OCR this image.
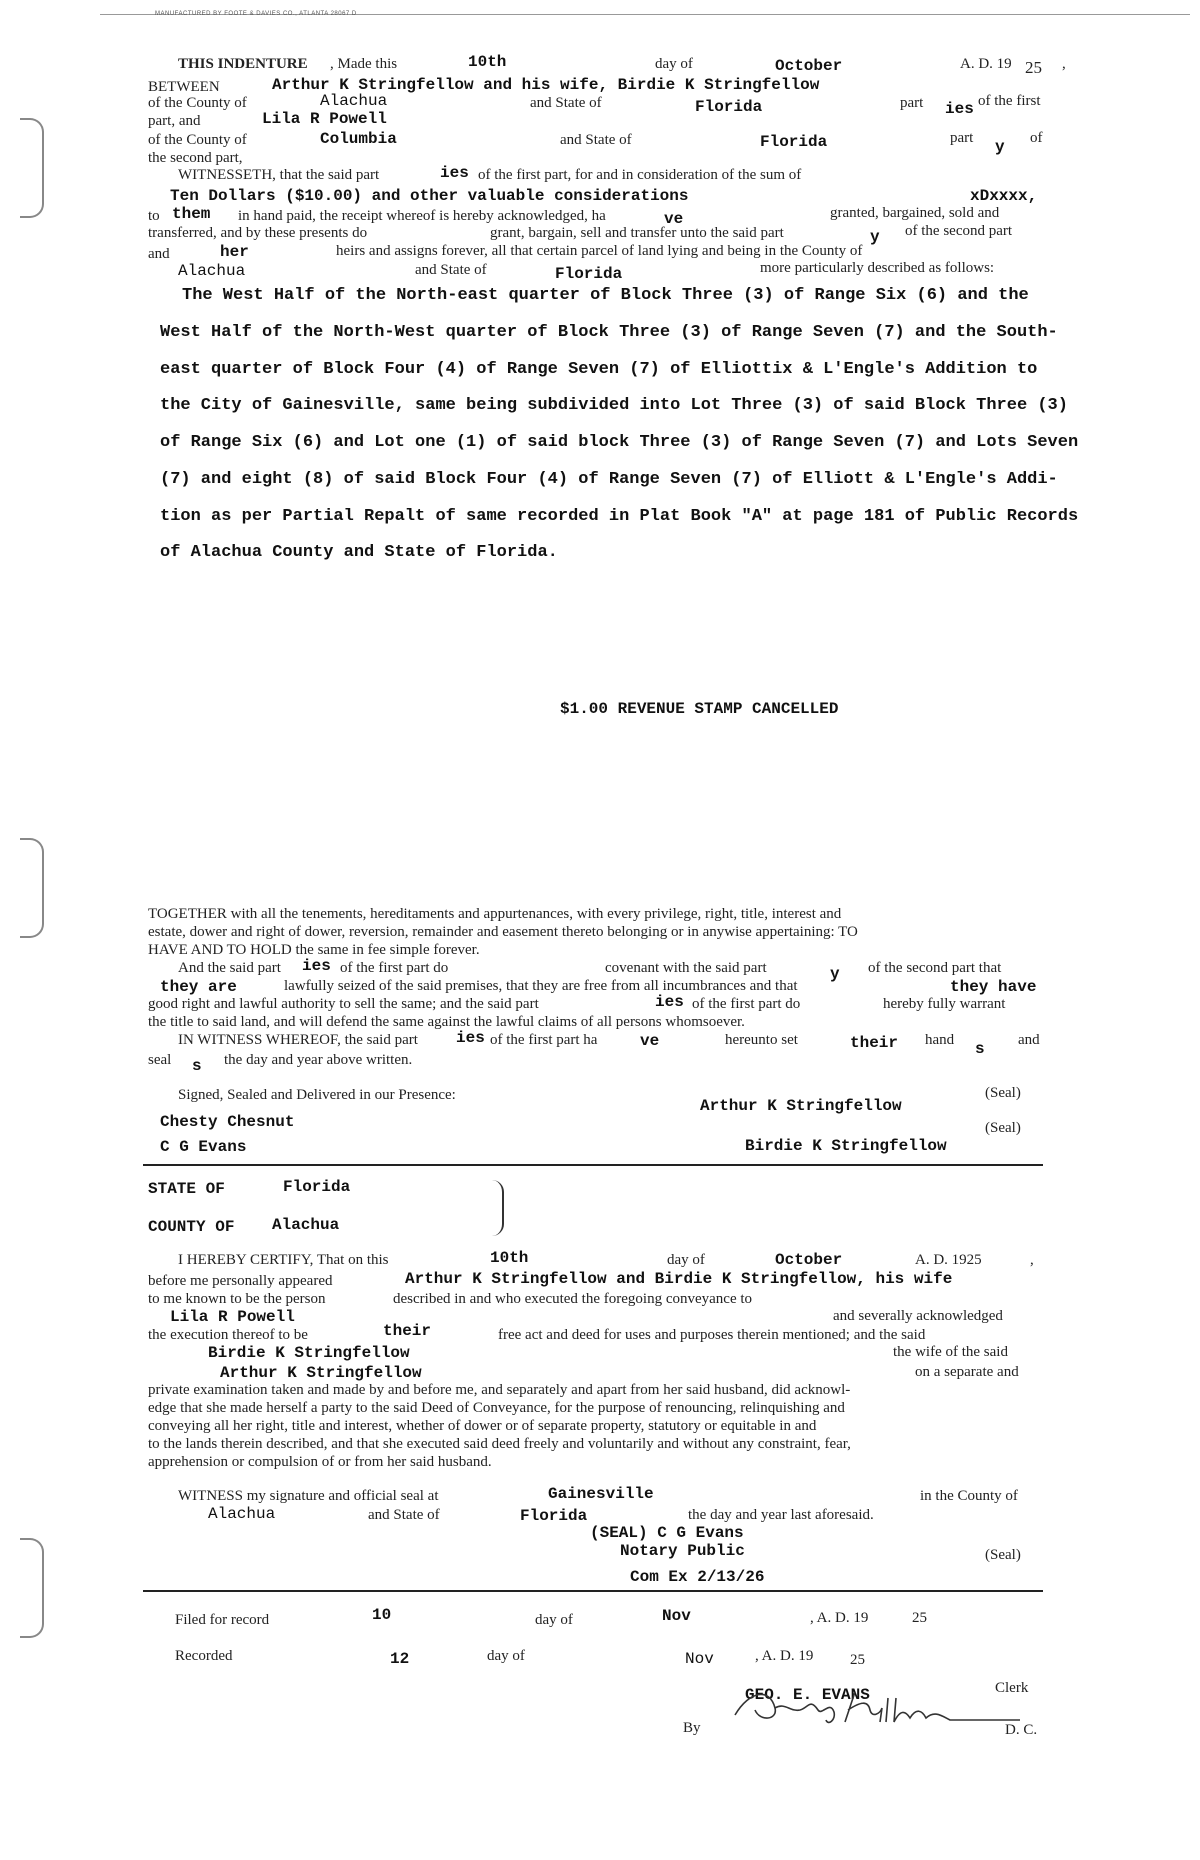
MANUFACTURED BY FOOTE & DAVIES CO., ATLANTA 28067 D
THIS INDENTURE , Made this	10th	day of	October	A. D. 19 25 ,
BETWEEN	Arthur K Stringfellow and his wife, Birdie K Stringfellow
of the County of	Alachua	and State of	Florida	part ies of the first
part, and	Lila R Powell
of the County of	Columbia	and State of	Florida	part y of
the second part,
WITNESSETH, that the said part	ies of the first part, for and in consideration of the sum of
Ten Dollars ($10.00) and other valuable considerations	xDxxxx,
to them in hand paid, the receipt whereof is hereby acknowledged, ha	ve	granted, bargained, sold and
transferred, and by these presents do	grant, bargain, sell and transfer unto the said part	y of the second part
and	her	heirs and assigns forever, all that certain parcel of land lying and being in the County of
Alachua	and State of	Florida	more particularly described as follows:
The West Half of the North-east quarter of Block Three (3) of Range Six (6) and the
West Half of the North-West quarter of Block Three (3) of Range Seven (7) and the South-
east quarter of Block Four (4) of Range Seven (7) of Elliottix & L'Engle's Addition to
the City of Gainesville, same being subdivided into Lot Three (3) of said Block Three (3)
of Range Six (6) and Lot one (1) of said block Three (3) of Range Seven (7) and Lots Seven
(7) and eight (8) of said Block Four (4) of Range Seven (7) of Elliott & L'Engle's Addi-
tion as per Partial Repalt of same recorded in Plat Book "A" at page 181 of Public Records
of Alachua County and State of Florida.
$1.00 REVENUE STAMP CANCELLED
TOGETHER with all the tenements, hereditaments and appurtenances, with every privilege, right, title, interest and
estate, dower and right of dower, reversion, remainder and easement thereto belonging or in anywise appertaining: TO
HAVE AND TO HOLD the same in fee simple forever.
And the said part ies of the first part do	covenant with the said part	y of the second part that
they are	lawfully seized of the said premises, that they are free from all incumbrances and that	they have
good right and lawful authority to sell the same; and the said part	ies of the first part do	hereby fully warrant
the title to said land, and will defend the same against the lawful claims of all persons whomsoever.
IN WITNESS WHEREOF, the said part ies of the first part ha	ve	hereunto set	their hand s and
seal s the day and year above written.
Signed, Sealed and Delivered in our Presence:
Chesty Chesnut
C G Evans
Arthur K Stringfellow
Birdie K Stringfellow
(Seal)
(Seal)
STATE OF	Florida
COUNTY OF Alachua
I HEREBY CERTIFY, That on this	10th	day of	October	A. D. 1925	,
before me personally appeared	Arthur K Stringfellow and Birdie K Stringfellow, his wife
to me known to be the person	described in and who executed the foregoing conveyance to
Lila R Powell	and severally acknowledged
the execution thereof to be	their	free act and deed for uses and purposes therein mentioned; and the said
Birdie K Stringfellow	the wife of the said
Arthur K Stringfellow	on a separate and
private examination taken and made by and before me, and separately and apart from her said husband, did acknowl-
edge that she made herself a party to the said Deed of Conveyance, for the purpose of renouncing, relinquishing and
conveying all her right, title and interest, whether of dower or of separate property, statutory or equitable in and
to the lands therein described, and that she executed said deed freely and voluntarily and without any constraint, fear,
apprehension or compulsion of or from her said husband.
WITNESS my signature and official seal at	Gainesville	in the County of
Alachua	and State of	Florida	the day and year last aforesaid.
(SEAL) C G Evans
Notary Public
Com Ex 2/13/26
(Seal)
Filed for record	10	day of	Nov	, A. D. 19	25
Recorded	12	day of	Nov	, A. D. 19 25
GEO. E. EVANS	Clerk
By	D. C.
